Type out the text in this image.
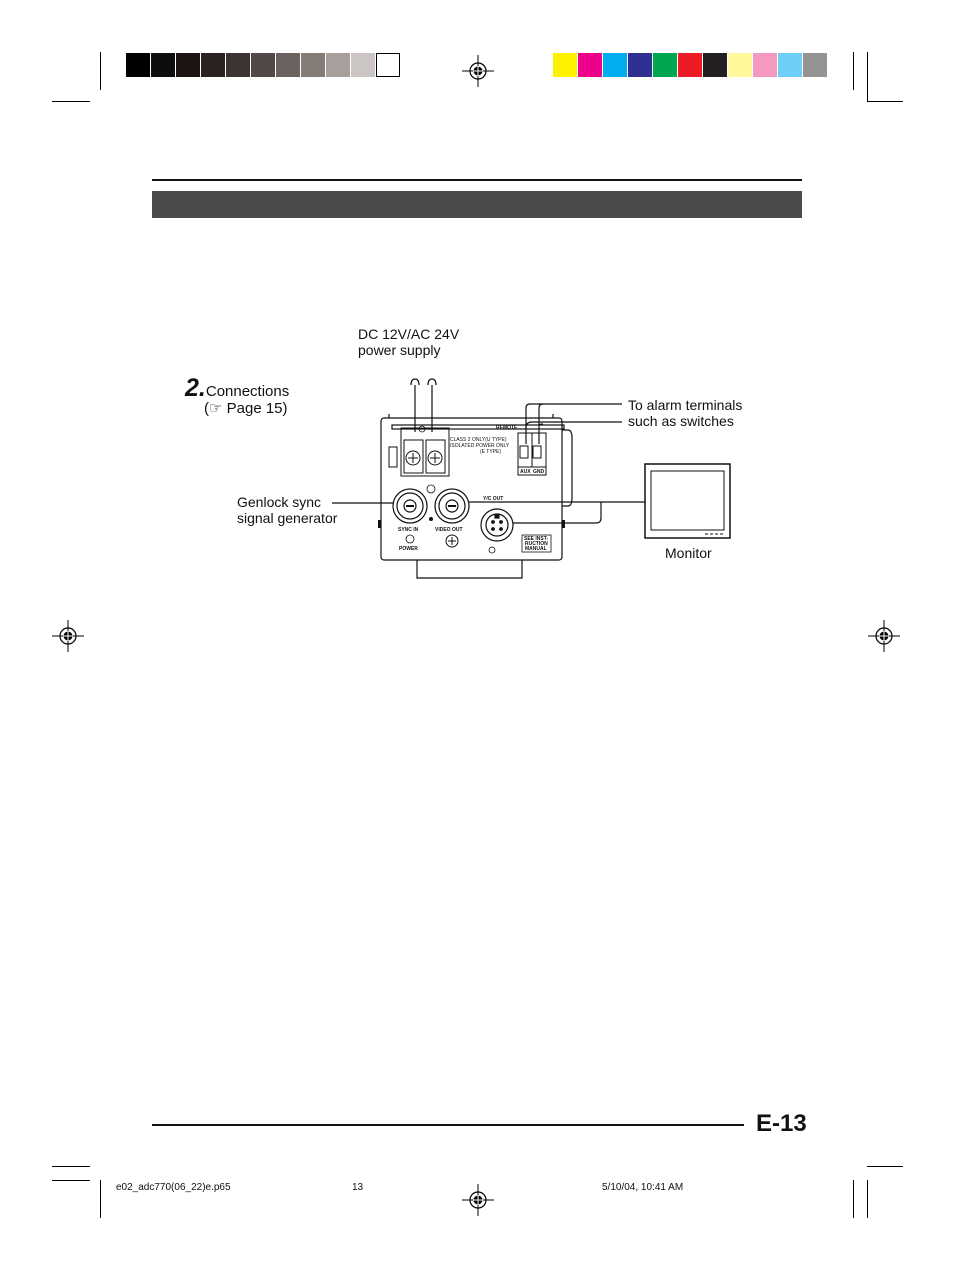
2.Connections
(☞ Page 15)
DC 12V/AC 24V
power supply
To alarm terminals
such as switches
Genlock sync
signal generator
Monitor
REMOTE
CLASS 2 ONLY(U TYPE)
ISOLATED POWER ONLY
(E TYPE)
AUX GND
Y/C OUT
SYNC IN	VIDEO OUT
POWER
SEE INST-
RUCTION
MANUAL
E-13
e02_adc770(06_22)e.p65	13	5/10/04, 10:41 AM
